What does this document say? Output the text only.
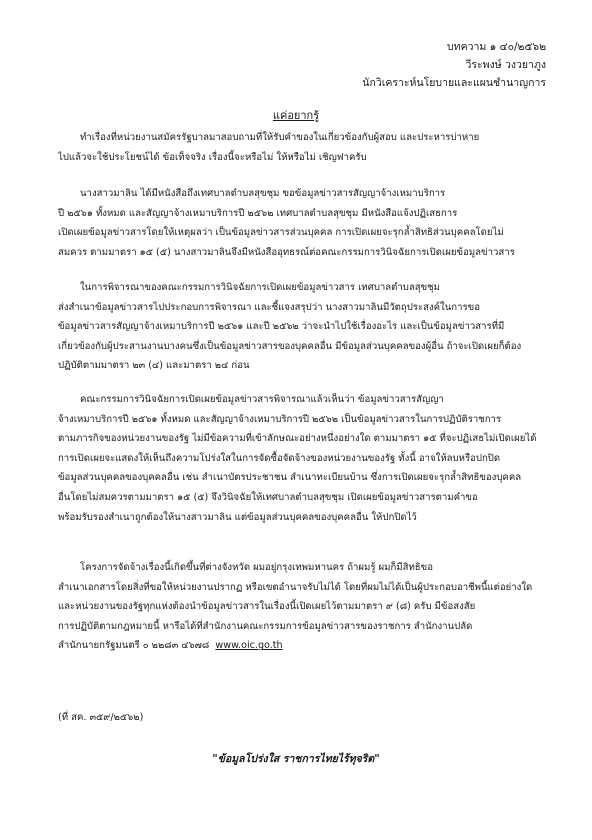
บทความ ๑ ๔๐/๒๕๖๒
วีระพงษ์ วงวยาภูง
นักวิเคราะห์นโยบายและแผนชำนาญการ
แค่อยากรู้
ทำเรื่องที่หน่วยงานสมัครรัฐบาลมาสอบถามที่ให้รับคำของในเกี่ยวข้องกับผู้สอบ และประหารบ่าหาย
ไปแล้วจะใช้ประโยชน์ได้ ข้อเท็จจริง เรื่องนี้จะหรือไม่ ให้หรือไม่ เชิญฟาครับ
นางสาวมาลิน ได้มีหนังสือถึงเทศบาลตำบลสุขชุม ขอข้อมูลข่าวสารสัญญาจ้างเหมาบริการ
ปี ๒๕๖๑ ทั้งหมด และสัญญาจ้างเหมาบริการปี ๒๕๖๒ เทศบาลตำบลสุขชุม มีหนังสือแจ้งปฏิเสธการ
เปิดเผยข้อมูลข่าวสารโดยให้เหตุผลว่า เป็นข้อมูลข่าวสารส่วนบุคคล การเปิดเผยจะรุกล้ำสิทธิส่วนบุคคลโดยไม่
สมควร ตามมาตรา ๑๕ (๕) นางสาวมาลินจึงมีหนังสืออุทธรณ์ต่อคณะกรรมการวินิจฉัยการเปิดเผยข้อมูลข่าวสาร
ในการพิจารณาของคณะกรรมการวินิจฉัยการเปิดเผยข้อมูลข่าวสาร เทศบาลตำบลสุขชุม
ส่งสำเนาข้อมูลข่าวสารไปประกอบการพิจารณา และชี้แจงสรุปว่า นางสาวมาลินมีวัตถุประสงค์ในการขอ
ข้อมูลข่าวสารสัญญาจ้างเหมาบริการปี ๒๕๖๑ และปี ๒๕๖๒ ว่าจะนำไปใช้เรื่องอะไร และเป็นข้อมูลข่าวสารที่มี
เกี่ยวข้องกับผู้ประสานงานบางคนซึ่งเป็นข้อมูลข่าวสารของบุคคลอื่น มีข้อมูลส่วนบุคคลของผู้อื่น ถ้าจะเปิดเผยก็ต้อง
ปฏิบัติตามมาตรา ๒๓ (๔) และมาตรา ๒๔ ก่อน
คณะกรรมการวินิจฉัยการเปิดเผยข้อมูลข่าวสารพิจารณาแล้วเห็นว่า ข้อมูลข่าวสารสัญญา
จ้างเหมาบริการปี ๒๕๖๑ ทั้งหมด และสัญญาจ้างเหมาบริการปี ๒๕๖๒ เป็นข้อมูลข่าวสารในการปฏิบัติราชการ
ตามภารกิจของหน่วยงานของรัฐ ไม่มีข้อความที่เข้าลักษณะอย่างหนึ่งอย่างใด ตามมาตรา ๑๕ ที่จะปฏิเสธไม่เปิดเผยได้
การเปิดเผยจะแสดงให้เห็นถึงความโปร่งใสในการจัดซื้อจัดจ้างของหน่วยงานของรัฐ ทั้งนี้ อาจให้ลบหรือปกปิด
ข้อมูลส่วนบุคคลของบุคคลอื่น เช่น สำเนาบัตรประชาชน สำเนาทะเบียนบ้าน ซึ่งการเปิดเผยจะรุกล้ำสิทธิของบุคคล
อื่นโดยไม่สมควรตามมาตรา ๑๕ (๕) จึงวินิจฉัยให้เทศบาลตำบลสุขชุม เปิดเผยข้อมูลข่าวสารตามคำขอ
พร้อมรับรองสำเนาถูกต้องให้นางสาวมาลิน แต่ข้อมูลส่วนบุคคลของบุคคลอื่น ให้ปกปิดไว้
โครงการจัดจ้างเรื่องนี้เกิดขึ้นที่ต่างจังหวัด ผมอยู่กรุงเทพมหานคร ถ้าผมรู้ ผมก็มีสิทธิขอ
สำเนาเอกสารโดยสิ่งที่ขอให้หน่วยงานปรากฏ หรือเขตอำนาจรับไม่ได้ โดยที่ผมไม่ได้เป็นผู้ประกอบอาชีพนี้แต่อย่างใด
และหน่วยงานของรัฐทุกแห่งต้องนำข้อมูลข่าวสารในเรื่องนี้เปิดเผยไว้ตามมาตรา ๙ (๘) ครับ มีข้อสงสัย
การปฏิบัติตามกฎหมายนี้ หารือได้ที่สำนักงานคณะกรรมการข้อมูลข่าวสารของราชการ สำนักงานปลัด
สำนักนายกรัฐมนตรี ๐ ๒๒๘๓ ๔๖๗๘ www.oic.go.th
(ที่ สค. ๓๕๙/๒๕๖๒)
"ข้อมูลโปร่งใส ราชการไทยไร้ทุจริต"
